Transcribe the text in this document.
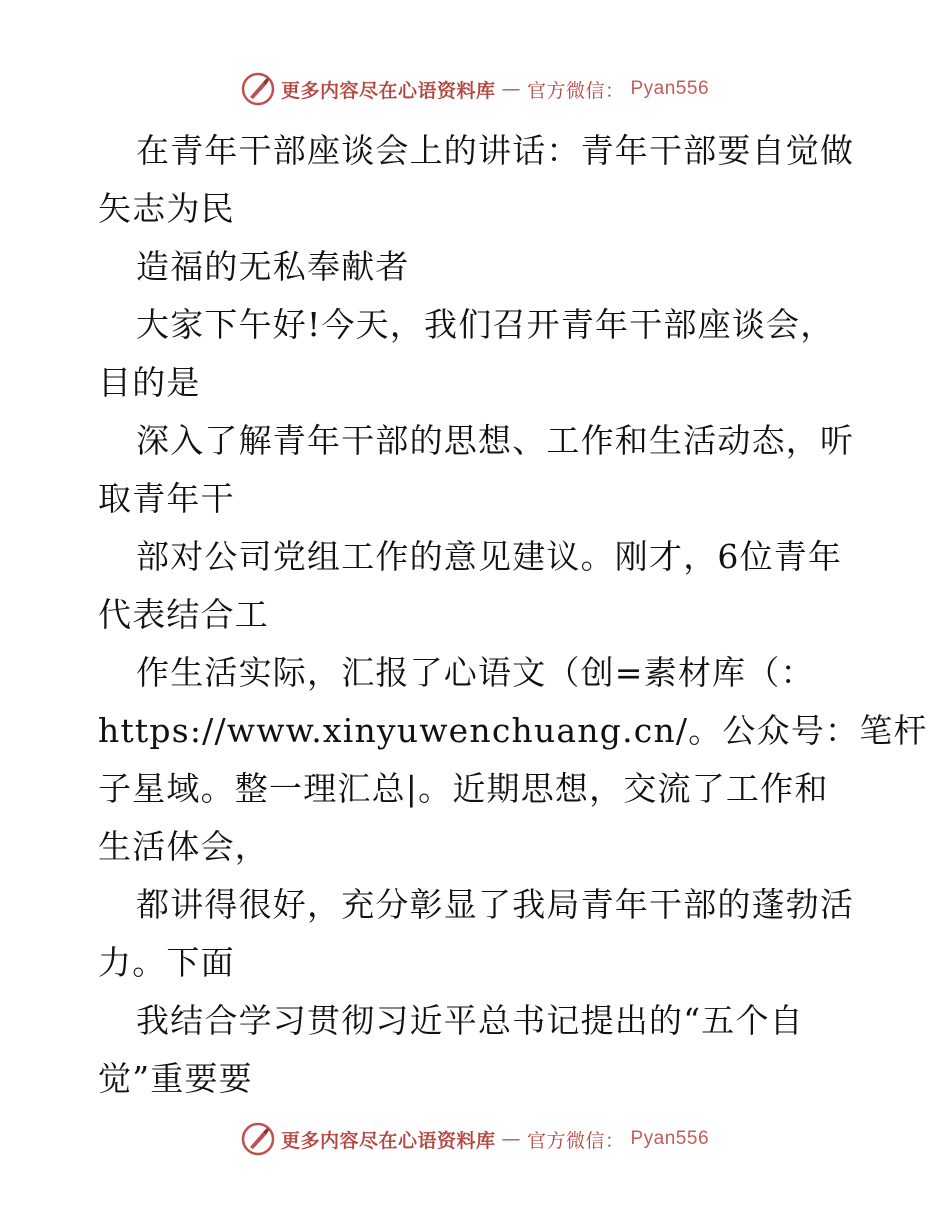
更多内容尽在心语资料库 — 官方微信： Pyan556
在青年干部座谈会上的讲话：青年干部要自觉做
矢志为民
造福的无私奉献者
大家下午好!今天，我们召开青年干部座谈会，
目的是
深入了解青年干部的思想、工作和生活动态，听
取青年干
部对公司党组工作的意见建议。刚才，6位青年
代表结合工
作生活实际，汇报了心语文（创=素材库（：
https://www.xinyuwenchuang.cn/。公众号：笔杆
子星域。整一理汇总|。近期思想，交流了工作和
生活体会，
都讲得很好，充分彰显了我局青年干部的蓬勃活
力。下面
我结合学习贯彻习近平总书记提出的“五个自
觉”重要要
更多内容尽在心语资料库 — 官方微信： Pyan556
